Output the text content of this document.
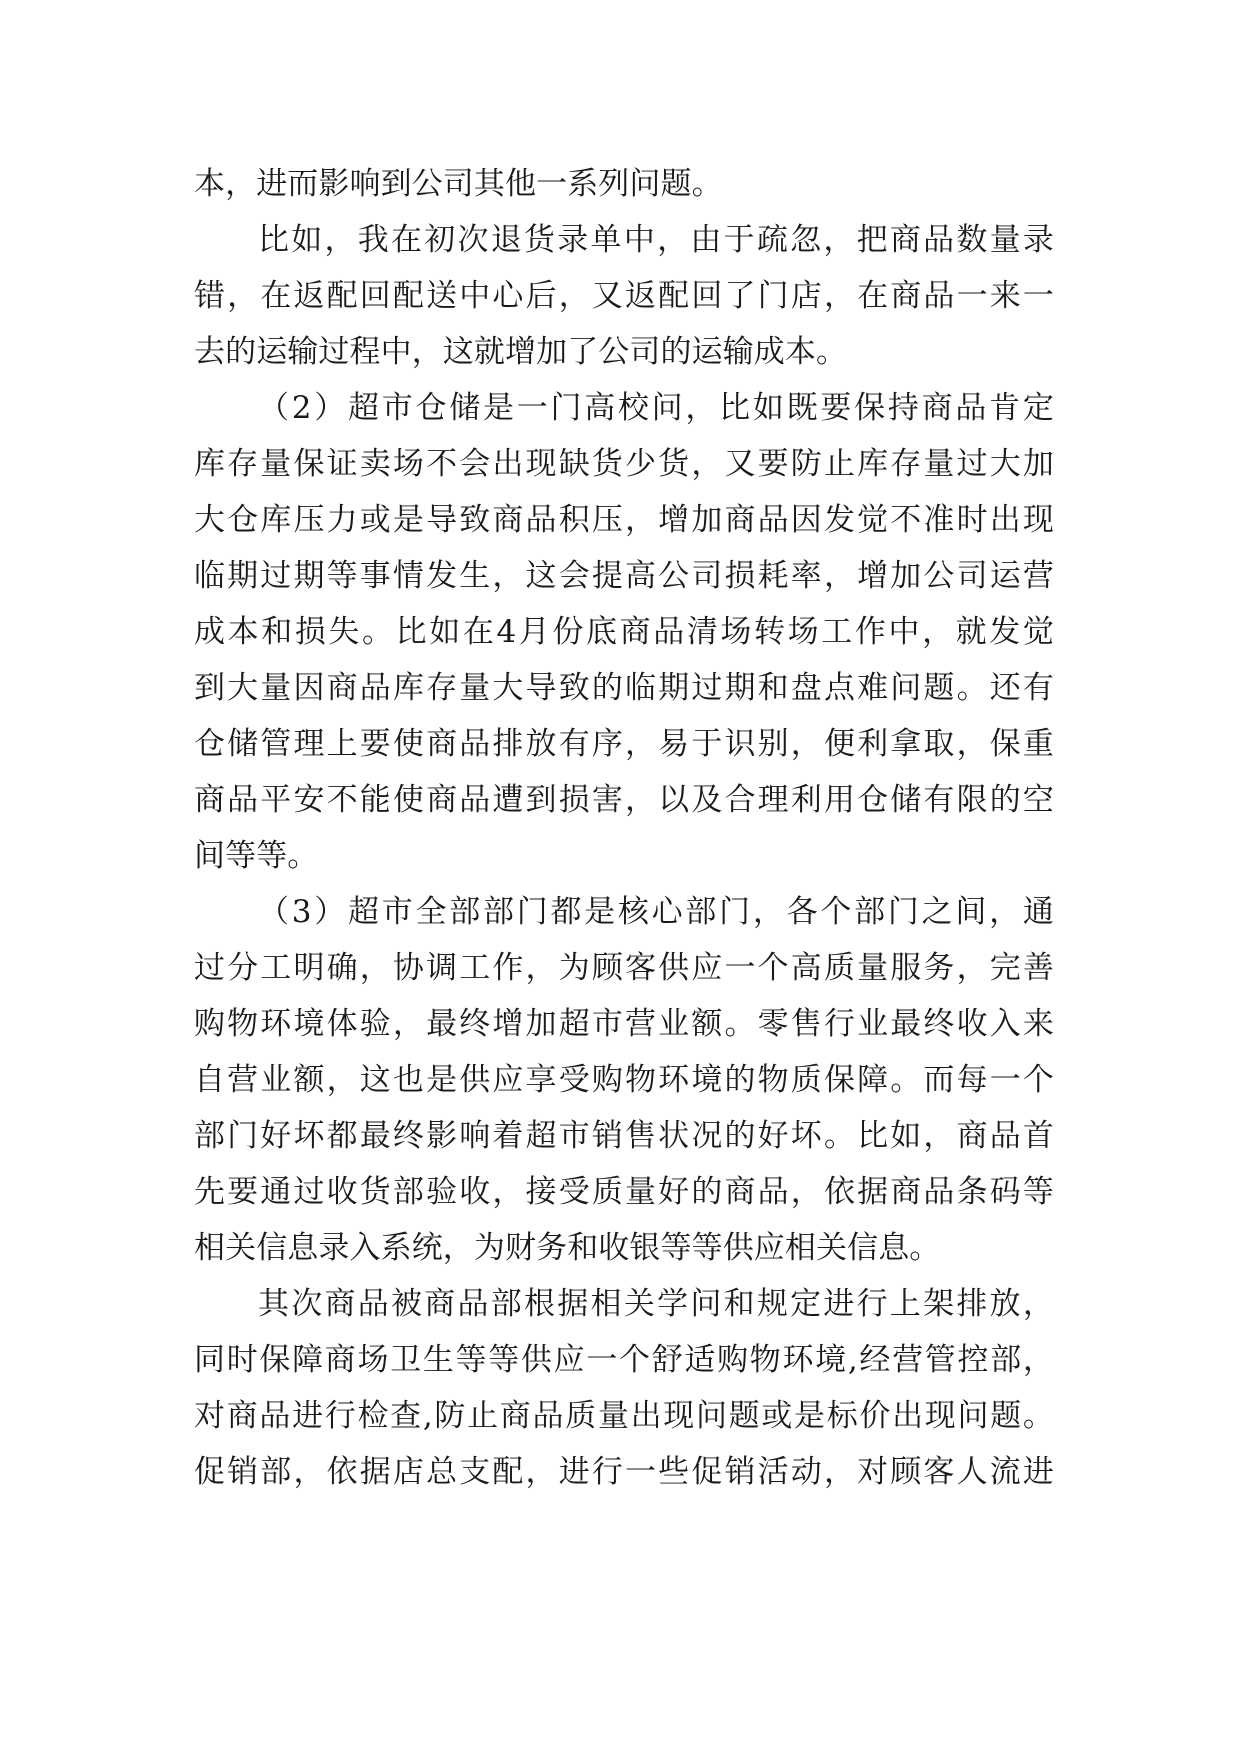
本，进而影响到公司其他一系列问题。
比如，我在初次退货录单中，由于疏忽，把商品数量录
错，在返配回配送中心后，又返配回了门店，在商品一来一
去的运输过程中，这就增加了公司的运输成本。
（2）超市仓储是一门高校问，比如既要保持商品肯定
库存量保证卖场不会出现缺货少货，又要防止库存量过大加
大仓库压力或是导致商品积压，增加商品因发觉不准时出现
临期过期等事情发生，这会提高公司损耗率，增加公司运营
成本和损失。比如在4月份底商品清场转场工作中，就发觉
到大量因商品库存量大导致的临期过期和盘点难问题。还有
仓储管理上要使商品排放有序，易于识别，便利拿取，保重
商品平安不能使商品遭到损害，以及合理利用仓储有限的空
间等等。
（3）超市全部部门都是核心部门，各个部门之间，通
过分工明确，协调工作，为顾客供应一个高质量服务，完善
购物环境体验，最终增加超市营业额。零售行业最终收入来
自营业额，这也是供应享受购物环境的物质保障。而每一个
部门好坏都最终影响着超市销售状况的好坏。比如，商品首
先要通过收货部验收，接受质量好的商品，依据商品条码等
相关信息录入系统，为财务和收银等等供应相关信息。
其次商品被商品部根据相关学问和规定进行上架排放，
同时保障商场卫生等等供应一个舒适购物环境,经营管控部，
对商品进行检查,防止商品质量出现问题或是标价出现问题。
促销部，依据店总支配，进行一些促销活动，对顾客人流进
